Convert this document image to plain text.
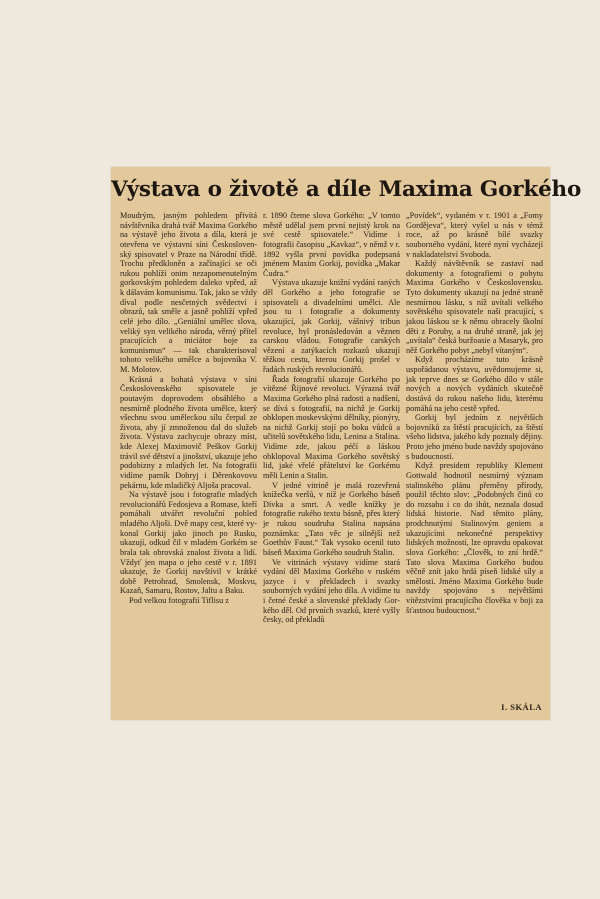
Výstava o životě a díle Maxima Gorkého

Moudrým, jasným pohledem přivítá návštěvníka drahá tvář Maxima Gorkého na výstavě jeho života a díla, která je otevřena ve výstavní síni Československý spisovatel v Praze na Národní třídě. Trochu předkloněn a začínající se oči rukou pohlíží onim nezapomenutelným gorkovským pohledem daleko vpřed, až k dálavám komunismu. Tak, jako se vždy díval podle nesčetných svědectví i obrazů, tak směle a jasně pohlíží vpřed celé jeho dílo. „Geniální umělec slova, veliký syn velikého národa, věrný přítel pracujících a iniciátor boje za komunismus“ — tak charakterisoval tohoto velikého umělce a bojovníka V. M. Molotov.

Krásná a bohatá výstava v síni Československého spisovatele je poutavým doprovodem obsáhlého a nesmírně plodného života umělce, který všechnu svou uměleckou sílu čerpal ze života, aby jí zmnoženou dal do služeb života. Výstava zachycuje obrazy míst, kde Alexej Maximovič Peškov Gorkij trávil své dětství a jinošství, ukazuje jeho podobizny z mladých let. Na fotografii vidíme parník Dobryj i Děrenkovovu pekárnu, kde mladičký Aljoša pracoval.

Na výstavě jsou i fotografie mladých revolucionářů Fedosjeva a Romase, kteří pomáhali utvářet revoluční pohled mladého Aljoši. Dvě mapy cest, které vykonal Gorkij jako jinoch po Rusku, ukazují, odkud čil v mladém Gorkém se brala tak obrovská znalost života a lidí. Vždyť jen mapa o jeho cestě v r. 1891 ukazuje, že Gorkij navštívil v krátké době Petrohrad, Smolensk, Moskvu, Kazaň, Samaru, Rostov, Jaltu a Baku.

Pod velkou fotografií Tiflisu z

r. 1890 čteme slova Gorkého: „V tomto městě udělal jsem první nejistý krok na své cestě spisovatele.“ Vidíme i fotografii časopisu „Kavkaz“, v němž v r. 1892 vyšla první povídka podepsaná jménem Maxim Gorkij, povídka „Makar Čudra.“

Výstava ukazuje knižní vydání raných děl Gorkého a jeho fotografie se spisovateli a divadelními umělci. Ale jsou tu i fotografie a dokumenty ukazující, jak Gorkij, vášnivý tribun revoluce, byl pronásledován a věznen carskou vládou. Fotografie carských vězení a zatýkacích rozkazů ukazují těžkou cestu, kterou Gorkij prošel v řadách ruských revolucionářů.

Řada fotografií ukazuje Gorkého po vítězné Říjnové revoluci. Výrazná tvář Maxima Gorkého plná radosti a nadšení, se dívá s fotografií, na nichž je Gorkij obklopen moskevskými dělníky, pionýry, na nichž Gorkij stojí po boku vůdců a učitelů sovětského lidu, Lenina a Stalina. Vidíme zde, jakou péčí a láskou obklopoval Maxima Gorkého sovětský lid, jaké vřelé přátelství ke Gorkému měli Lenin a Stalin.

V jedné vitrině je malá rozevřená knížečka veršů, v níž je Gorkého báseň Dívka a smrt. A vedle knížky je fotografie rukého textu básně, přes který je rukou soudruha Stalina napsána poznámka: „Tato věc je silnější než Goethův Faust.“ Tak vysoko ocenil tuto báseň Maxima Gorkého soudruh Stalin.

Ve vitrinách výstavy vidíme stará vydání děl Maxima Gorkého v ruském jazyce i v překladech i svazky souborných vydání jeho díla. A vidíme tu i četné české a slovenské překlady Gorkého děl. Od prvních svazků, které vyšly česky, od překladů

„Povídek“, vydaném v r. 1901 a „Fomy Gordějeva“, který vyšel u nás v témž roce, až po krásně bílé svazky souborného vydání, které nyní vycházejí v nakladatelství Svoboda.

Každý návštěvník se zastaví nad dokumenty a fotografiemi o pobytu Maxima Gorkého v Československu. Tyto dokumenty ukazují na jedné straně nesmírnou lásku, s níž uvítali velkého sovětského spisovatele naši pracující, s jakou láskou se k němu obracely školní děti z Poruby, a na druhé straně, jak jej „uvítala“ česká buržoasie a Masaryk, pro něž Gorkého pobyt „nebyl vítaným“.

Když procházíme tuto krásně uspořádanou výstavu, uvědomujeme si, jak teprve dnes se Gorkého dílo v stále nových a nových vydáních skutečně dostává do rukou našeho lidu, kterému pomáhá na jeho cestě vpřed.

Gorkij byl jedním z největších bojovníků za štěstí pracujících, za štěstí všeho lidstva, jakého kdy poznaly dějiny. Proto jeho jméno bude navždy spojováno s budoucností.

Když president republiky Klement Gottwald hodnotil nesmírný význam stalinského plánu přeměny přírody, použil těchto slov: „Podobných činů co do rozsahu i co do ihůt, neznala dosud lidská historie. Nad těmito plány, prodchnutými Stalinovým geniem a ukazujícími nekonečné perspektivy lidských možností, lze opravdu opakovat slova Gorkého: „Člověk, to zní hrdě.“ Tato slova Maxima Gorkého budou věčně znít jako hrdá píseň lidské síly a smělosti. Jméno Maxima Gorkého bude navždy spojováno s největšími vítězstvími pracujícího člověka v boji za šťastnou budoucnost.“

I. SKÁLA
